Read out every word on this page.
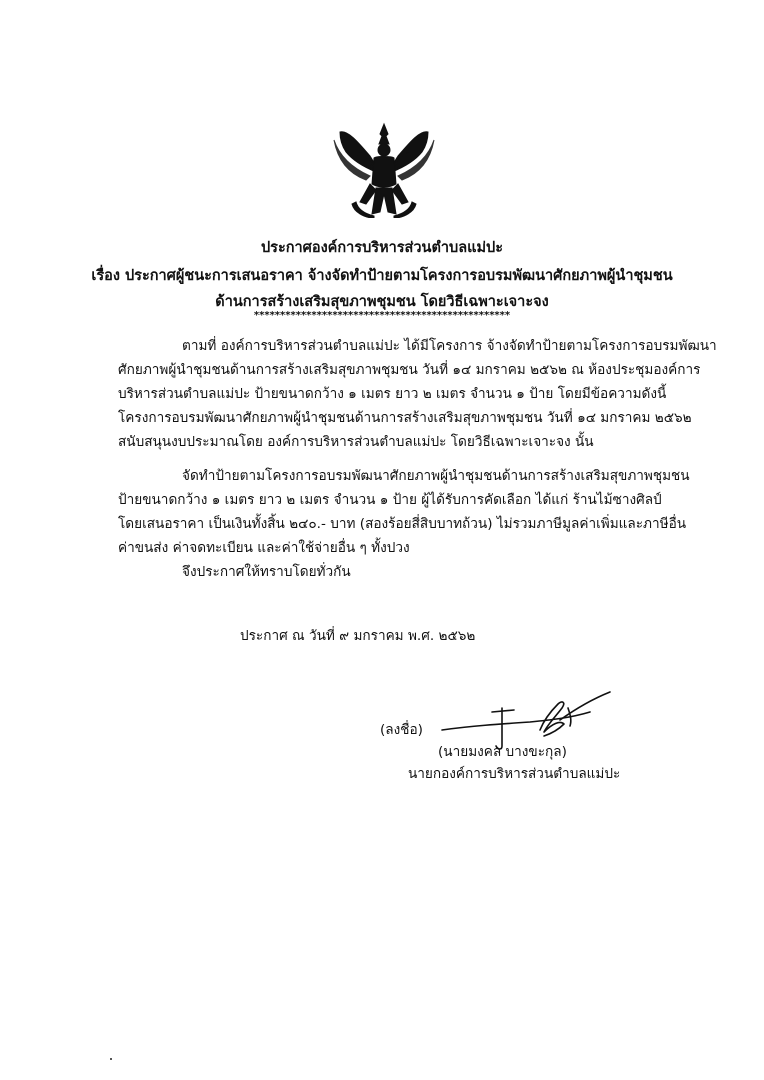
ประกาศองค์การบริหารส่วนตำบลแม่ปะ
เรื่อง ประกาศผู้ชนะการเสนอราคา จ้างจัดทำป้ายตามโครงการอบรมพัฒนาศักยภาพผู้นำชุมชน
ด้านการสร้างเสริมสุขภาพชุมชน โดยวิธีเฉพาะเจาะจง
*************************************************
ตามที่ องค์การบริหารส่วนตำบลแม่ปะ ได้มีโครงการ จ้างจัดทำป้ายตามโครงการอบรมพัฒนา
ศักยภาพผู้นำชุมชนด้านการสร้างเสริมสุขภาพชุมชน วันที่ ๑๔ มกราคม ๒๕๖๒ ณ ห้องประชุมองค์การ
บริหารส่วนตำบลแม่ปะ ป้ายขนาดกว้าง ๑ เมตร ยาว ๒ เมตร จำนวน ๑ ป้าย โดยมีข้อความดังนี้
โครงการอบรมพัฒนาศักยภาพผู้นำชุมชนด้านการสร้างเสริมสุขภาพชุมชน วันที่ ๑๔ มกราคม ๒๕๖๒
สนับสนุนงบประมาณโดย องค์การบริหารส่วนตำบลแม่ปะ โดยวิธีเฉพาะเจาะจง นั้น
จัดทำป้ายตามโครงการอบรมพัฒนาศักยภาพผู้นำชุมชนด้านการสร้างเสริมสุขภาพชุมชน
ป้ายขนาดกว้าง ๑ เมตร ยาว ๒ เมตร จำนวน ๑ ป้าย ผู้ได้รับการคัดเลือก ได้แก่ ร้านไม้ซางศิลป์
โดยเสนอราคา เป็นเงินทั้งสิ้น ๒๔๐.- บาท (สองร้อยสี่สิบบาทถ้วน) ไม่รวมภาษีมูลค่าเพิ่มและภาษีอื่น
ค่าขนส่ง ค่าจดทะเบียน และค่าใช้จ่ายอื่น ๆ ทั้งปวง
จึงประกาศให้ทราบโดยทั่วกัน
ประกาศ ณ วันที่ ๙ มกราคม พ.ศ. ๒๕๖๒
(ลงชื่อ)
(นายมงคล บางขะกุล)
นายกองค์การบริหารส่วนตำบลแม่ปะ
